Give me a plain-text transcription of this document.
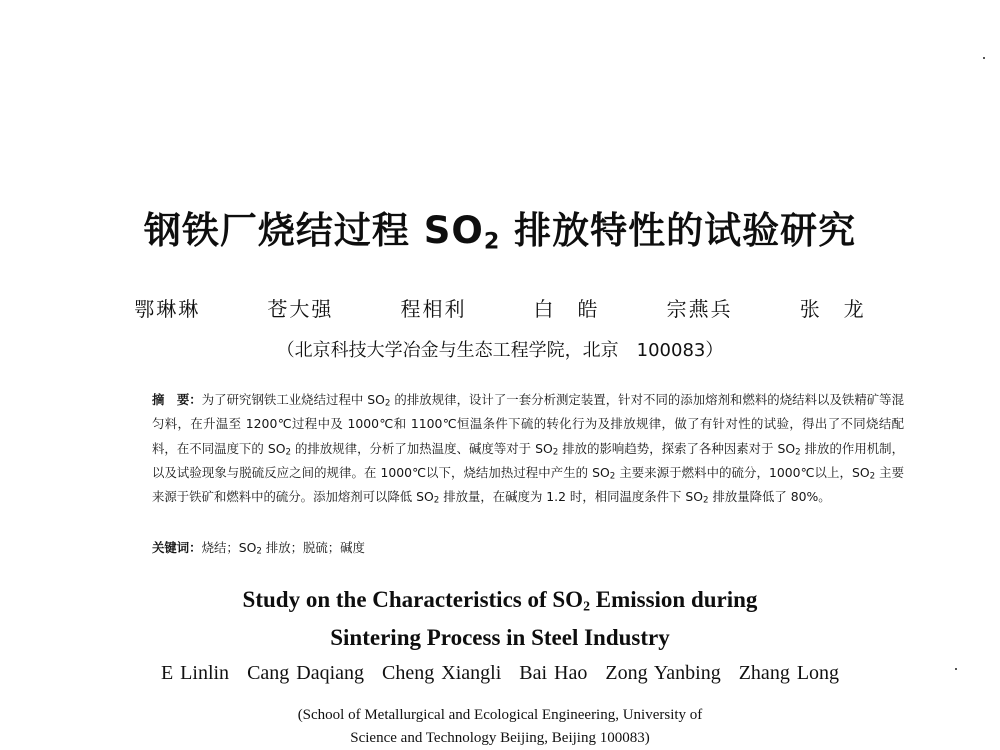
钢铁厂烧结过程 $SO_2$ 排放特性的试验研究
鄂琳琳	苍大强	程相利	白　皓	宗燕兵	张　龙
（北京科技大学冶金与生态工程学院，北京　100083）
摘　要：为了研究钢铁工业烧结过程中 $SO_2$ 的排放规律，设计了一套分析测定装置，针对不同的添加熔剂和燃料的烧结料以及铁精矿等混匀料，在升温至 1200℃过程中及 1000℃和 1100℃恒温条件下硫的转化行为及排放规律，做了有针对性的试验，得出了不同烧结配料，在不同温度下的 $SO_2$ 的排放规律，分析了加热温度、碱度等对于 $SO_2$ 排放的影响趋势，探索了各种因素对于 $SO_2$ 排放的作用机制，以及试验现象与脱硫反应之间的规律。在 1000℃以下，烧结加热过程中产生的 $SO_2$ 主要来源于燃料中的硫分，1000℃以上，$SO_2$ 主要来源于铁矿和燃料中的硫分。添加熔剂可以降低 $SO_2$ 排放量，在碱度为 1.2 时，相同温度条件下 $SO_2$ 排放量降低了 80%。
关键词：烧结；$SO_2$ 排放；脱硫；碱度
Study on the Characteristics of $SO_2$ Emission during
Sintering Process in Steel Industry
E Linlin Cang Daqiang Cheng Xiangli Bai Hao Zong Yanbing Zhang Long
(School of Metallurgical and Ecological Engineering, University of
Science and Technology Beijing, Beijing 100083)
